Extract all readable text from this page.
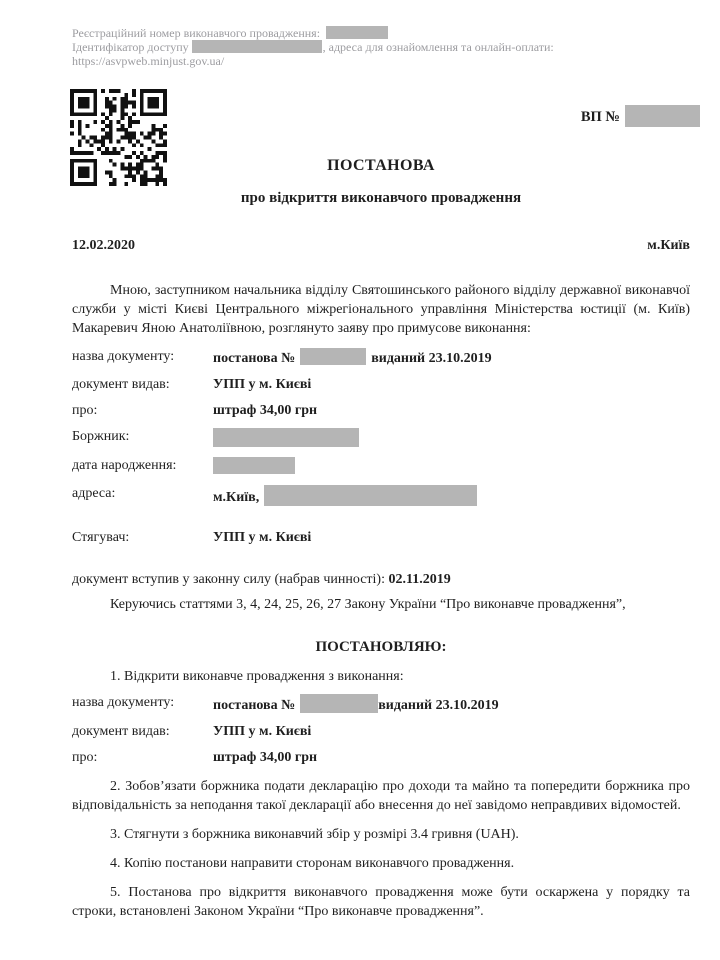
Реєстраційний номер виконавчого провадження:
Ідентифікатор доступу	, адреса для ознайомлення та онлайн-оплати:
https://asvpweb.minjust.gov.ua/
ВП №
ПОСТАНОВА
про відкриття виконавчого провадження
12.02.2020	м.Київ
Мною, заступником начальника відділу Святошинського районого відділу державної виконавчої служби у місті Києві Центрального міжрегіонального управління Міністерства юстиції (м. Київ) Макаревич Яною Анатоліївною, розглянуто заяву про примусове виконання:
назва документу:	постанова №	виданий 23.10.2019
документ видав:	УПП у м. Києві
про:	штраф 34,00 грн
Боржник:
дата народження:
адреса:	м.Київ,
Стягувач:	УПП у м. Києві
документ вступив у законну силу (набрав чинності): 02.11.2019
Керуючись статтями 3, 4, 24, 25, 26, 27 Закону України “Про виконавче провадження”,
ПОСТАНОВЛЯЮ:
1. Відкрити виконавче провадження з виконання:
назва документу:	постанова №	виданий 23.10.2019
документ видав:	УПП у м. Києві
про:	штраф 34,00 грн
2. Зобов’язати боржника подати декларацію про доходи та майно та попередити боржника про відповідальність за неподання такої декларації або внесення до неї завідомо неправдивих відомостей.
3. Стягнути з боржника виконавчий збір у розмірі 3.4 гривня (UAH).
4. Копію постанови направити сторонам виконавчого провадження.
5. Постанова про відкриття виконавчого провадження може бути оскаржена у порядку та строки, встановлені Законом України “Про виконавче провадження”.
